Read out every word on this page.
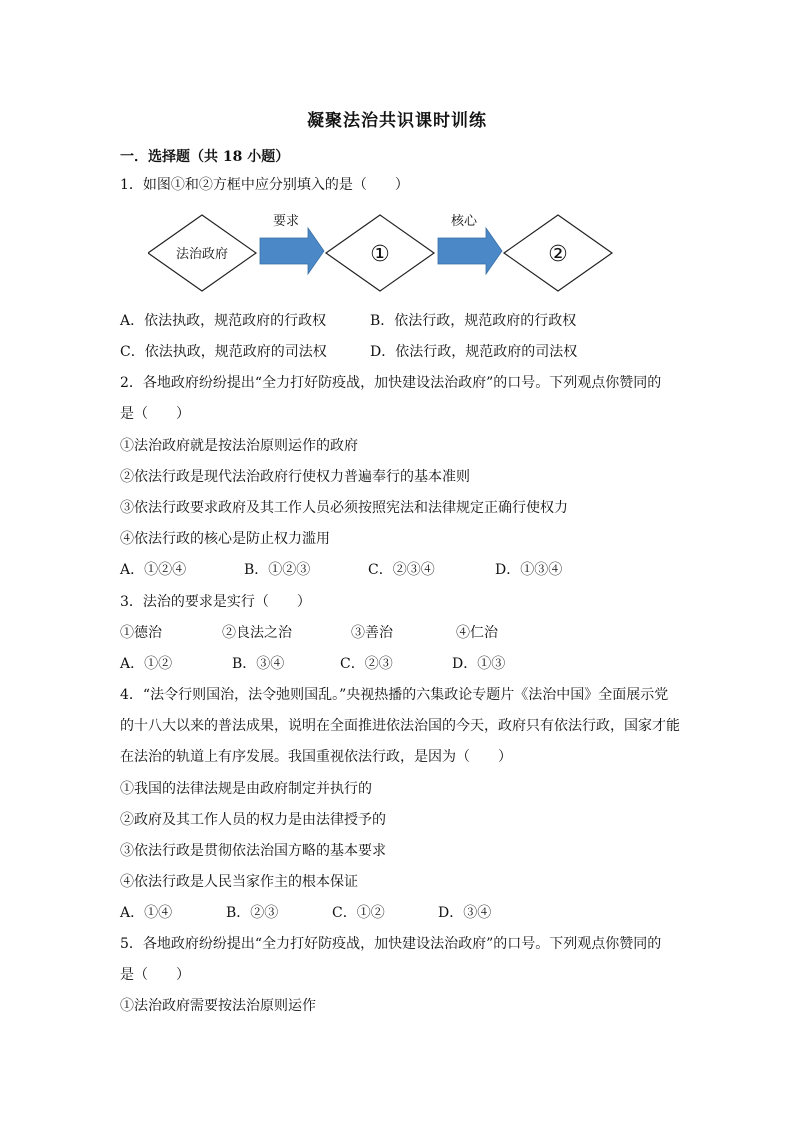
凝聚法治共识课时训练
一．选择题（共 18 小题）
1．如图①和②方框中应分别填入的是（　　）
法治政府
要求
①
核心
②
A．依法执政，规范政府的行政权	B．依法行政，规范政府的行政权
C．依法执政，规范政府的司法权	D．依法行政，规范政府的司法权
2．各地政府纷纷提出“全力打好防疫战，加快建设法治政府”的口号。下列观点你赞同的
是（　　）
①法治政府就是按法治原则运作的政府
②依法行政是现代法治政府行使权力普遍奉行的基本准则
③依法行政要求政府及其工作人员必须按照宪法和法律规定正确行使权力
④依法行政的核心是防止权力滥用
A．①②④	B．①②③	C．②③④	D．①③④
3．法治的要求是实行（　　）
①德治	②良法之治	③善治	④仁治
A．①②	B．③④	C．②③	D．①③
4．“法令行则国治，法令弛则国乱。”央视热播的六集政论专题片《法治中国》全面展示党
的十八大以来的普法成果，说明在全面推进依法治国的今天，政府只有依法行政，国家才能
在法治的轨道上有序发展。我国重视依法行政，是因为（　　）
①我国的法律法规是由政府制定并执行的
②政府及其工作人员的权力是由法律授予的
③依法行政是贯彻依法治国方略的基本要求
④依法行政是人民当家作主的根本保证
A．①④	B．②③	C．①②	D．③④
5．各地政府纷纷提出“全力打好防疫战，加快建设法治政府”的口号。下列观点你赞同的
是（　　）
①法治政府需要按法治原则运作
